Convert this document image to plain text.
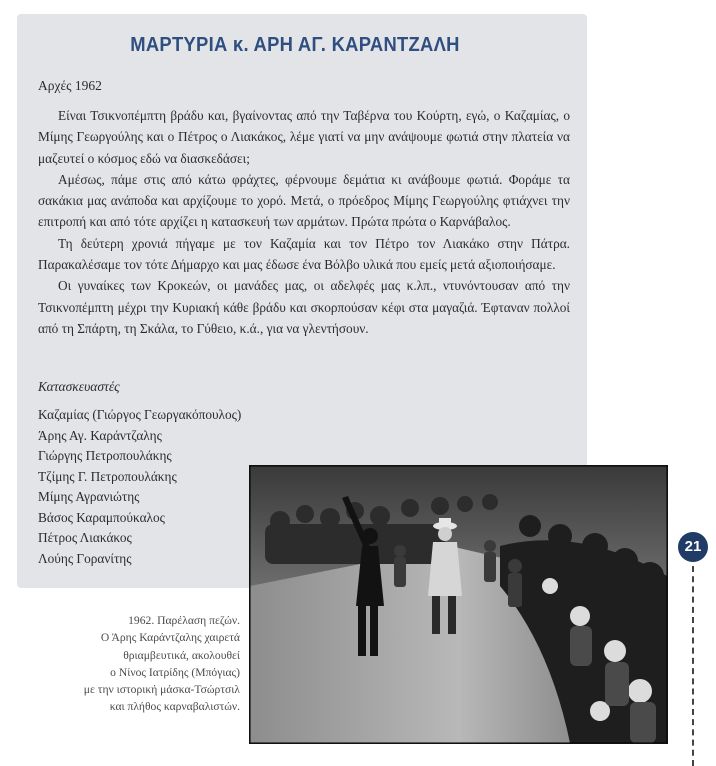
ΜΑΡΤΥΡΙΑ κ. ΑΡΗ ΑΓ. ΚΑΡΑΝΤΖΑΛΗ
Αρχές 1962

Είναι Τσικνοπέμπτη βράδυ και, βγαίνοντας από την Ταβέρνα του Κούρτη, εγώ, ο Καζαμίας, ο Μίμης Γεωργούλης και ο Πέτρος ο Λιακάκος, λέμε γιατί να μην ανάψουμε φωτιά στην πλατεία να μαζευτεί ο κόσμος εδώ να διασκεδάσει;

Αμέσως, πάμε στις από κάτω φράχτες, φέρνουμε δεμάτια κι ανάβουμε φωτιά. Φοράμε τα σακάκια μας ανάποδα και αρχίζουμε το χορό. Μετά, ο πρόεδρος Μίμης Γεωργούλης φτιάχνει την επιτροπή και από τότε αρχίζει η κατασκευή των αρμάτων. Πρώτα πρώτα ο Καρνάβαλος.

Τη δεύτερη χρονιά πήγαμε με τον Καζαμία και τον Πέτρο τον Λιακάκο στην Πάτρα. Παρακαλέσαμε τον τότε Δήμαρχο και μας έδωσε ένα Βόλβο υλικά που εμείς μετά αξιοποιήσαμε.

Οι γυναίκες των Κροκεών, οι μανάδες μας, οι αδελφές μας κ.λπ., ντυνόντουσαν από την Τσικνοπέμπτη μέχρι την Κυριακή κάθε βράδυ και σκορπούσαν κέφι στα μαγαζιά. Έφταναν πολλοί από τη Σπάρτη, τη Σκάλα, το Γύθειο, κ.ά., για να γλεντήσουν.

Κατασκευαστές
Καζαμίας (Γιώργος Γεωργακόπουλος)
Άρης Αγ. Καράντζαλης
Γιώργης Πετροπουλάκης
Τζίμης Γ. Πετροπουλάκης
Μίμης Αγρανιώτης
Βάσος Καραμπούκαλος
Πέτρος Λιακάκος
Λούης Γορανίτης
1962. Παρέλαση πεζών.
Ο Άρης Καράντζαλης χαιρετά
θριαμβευτικά, ακολουθεί
ο Νίνος Ιατρίδης (Μπόγιας)
με την ιστορική μάσκα-Τσώρτσιλ
και πλήθος καρναβαλιστών.
21
